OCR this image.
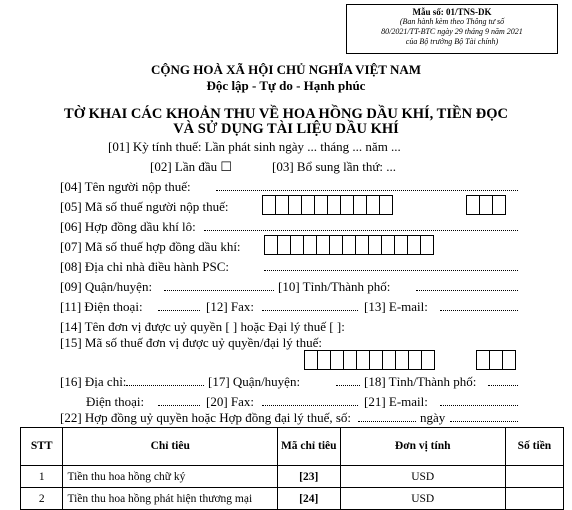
Mẫu số: 01/TNS-DK
(Ban hành kèm theo Thông tư số
80/2021/TT-BTC ngày 29 tháng 9 năm 2021
của Bộ trưởng Bộ Tài chính)
CỘNG HOÀ XÃ HỘI CHỦ NGHĨA VIỆT NAM
Độc lập - Tự do - Hạnh phúc
TỜ KHAI CÁC KHOẢN THU VỀ HOA HỒNG DẦU KHÍ, TIỀN ĐỌC
VÀ SỬ DỤNG TÀI LIỆU DẦU KHÍ
[01] Kỳ tính thuế: Lần phát sinh ngày ... tháng ... năm ...
[02] Lần đầu ☐	[03] Bổ sung lần thứ: ...
[04] Tên người nộp thuế:
[05] Mã số thuế người nộp thuế:
[06] Hợp đồng dầu khí lô:
[07] Mã số thuế hợp đồng dầu khí:
[08] Địa chỉ nhà điều hành PSC:
[09] Quận/huyện:	[10] Tỉnh/Thành phố:
[11] Điện thoại:	[12] Fax:	[13] E-mail:
[14] Tên đơn vị được uỷ quyền [ ] hoặc Đại lý thuế [ ]:
[15] Mã số thuế đơn vị được uỷ quyền/đại lý thuế:
[16] Địa chỉ:	[17] Quận/huyện:	[18] Tỉnh/Thành phố:
Điện thoại:	[20] Fax:	[21] E-mail:
[22] Hợp đồng uỷ quyền hoặc Hợp đồng đại lý thuế, số:	ngày
STT	Chỉ tiêu	Mã chỉ tiêu	Đơn vị tính	Số tiền
1	Tiền thu hoa hồng chữ ký	[23]	USD	
2	Tiền thu hoa hồng phát hiện thương mại	[24]	USD	
